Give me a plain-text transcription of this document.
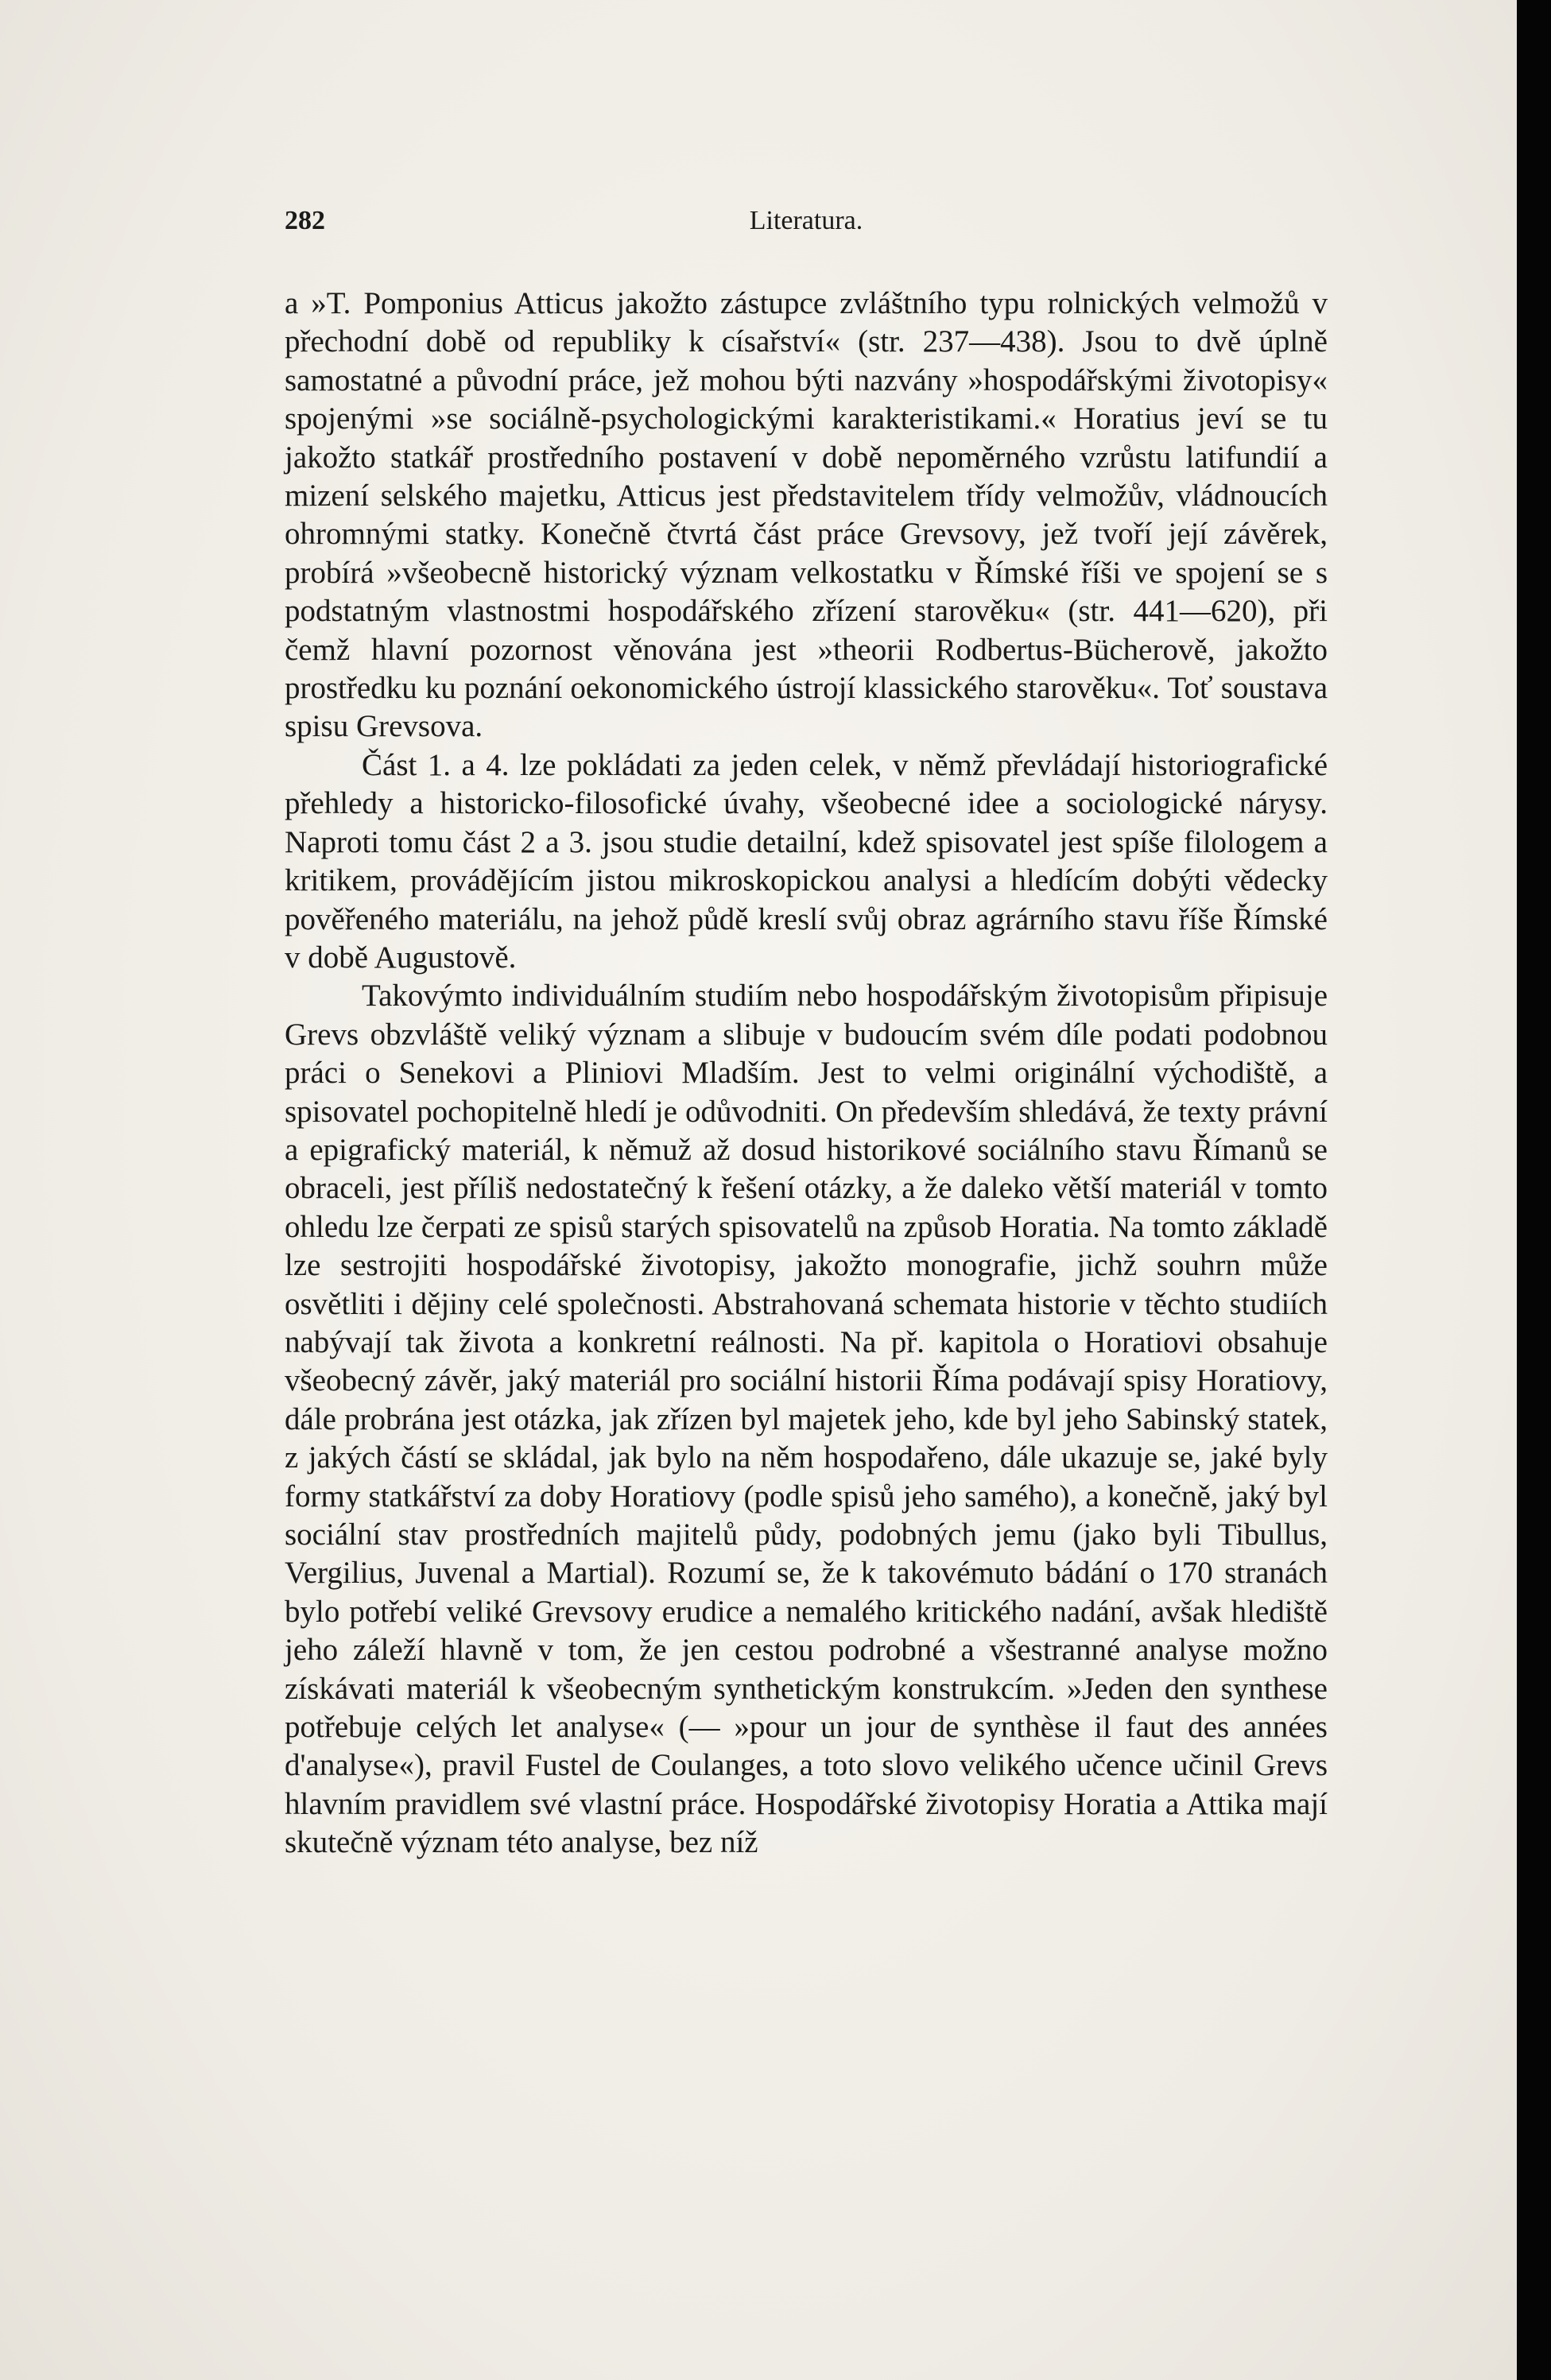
282	Literatura.

a »T. Pomponius Atticus jakožto zástupce zvláštního typu rolnických velmožů v přechodní době od republiky k císařství« (str. 237—438). Jsou to dvě úplně samostatné a původní práce, jež mohou býti nazvány »hospodářskými životopisy« spojenými »se sociálně-psychologickými karakteristikami.« Horatius jeví se tu jakožto statkář prostředního postavení v době nepoměrného vzrůstu latifundií a mizení selského majetku, Atticus jest představitelem třídy velmožův, vládnoucích ohromnými statky. Konečně čtvrtá část práce Grevsovy, jež tvoří její závěrek, probírá »všeobecně historický význam velkostatku v Římské říši ve spojení se s podstatným vlastnostmi hospodářského zřízení starověku« (str. 441—620), při čemž hlavní pozornost věnována jest »theorii Rodbertus-Bücherově, jakožto prostředku ku poznání oekonomického ústrojí klassického starověku«. Toť soustava spisu Grevsova.

Část 1. a 4. lze pokládati za jeden celek, v němž převládají historiografické přehledy a historicko-filosofické úvahy, všeobecné idee a sociologické nárysy. Naproti tomu část 2 a 3. jsou studie detailní, kdež spisovatel jest spíše filologem a kritikem, provádějícím jistou mikroskopickou analysi a hledícím dobýti vědecky pověřeného materiálu, na jehož půdě kreslí svůj obraz agrárního stavu říše Římské v době Augustově.

Takovýmto individuálním studiím nebo hospodářským životopisům připisuje Grevs obzvláště veliký význam a slibuje v budoucím svém díle podati podobnou práci o Senekovi a Pliniovi Mladším. Jest to velmi originální východiště, a spisovatel pochopitelně hledí je odůvodniti. On především shledává, že texty právní a epigrafický materiál, k němuž až dosud historikové sociálního stavu Římanů se obraceli, jest příliš nedostatečný k řešení otázky, a že daleko větší materiál v tomto ohledu lze čerpati ze spisů starých spisovatelů na způsob Horatia. Na tomto základě lze sestrojiti hospodářské životopisy, jakožto monografie, jichž souhrn může osvětliti i dějiny celé společnosti. Abstrahovaná schemata historie v těchto studiích nabývají tak života a konkretní reálnosti. Na př. kapitola o Horatiovi obsahuje všeobecný závěr, jaký materiál pro sociální historii Říma podávají spisy Horatiovy, dále probrána jest otázka, jak zřízen byl majetek jeho, kde byl jeho Sabinský statek, z jakých částí se skládal, jak bylo na něm hospodařeno, dále ukazuje se, jaké byly formy statkářství za doby Horatiovy (podle spisů jeho samého), a konečně, jaký byl sociální stav prostředních majitelů půdy, podobných jemu (jako byli Tibullus, Vergilius, Juvenal a Martial). Rozumí se, že k takovémuto bádání o 170 stranách bylo potřebí veliké Grevsovy erudice a nemalého kritického nadání, avšak hlediště jeho záleží hlavně v tom, že jen cestou podrobné a všestranné analyse možno získávati materiál k všeobecným synthetickým konstrukcím. »Jeden den synthese potřebuje celých let analyse« (— »pour un jour de synthèse il faut des années d'analyse«), pravil Fustel de Coulanges, a toto slovo velikého učence učinil Grevs hlavním pravidlem své vlastní práce. Hospodářské životopisy Horatia a Attika mají skutečně význam této analyse, bez níž
